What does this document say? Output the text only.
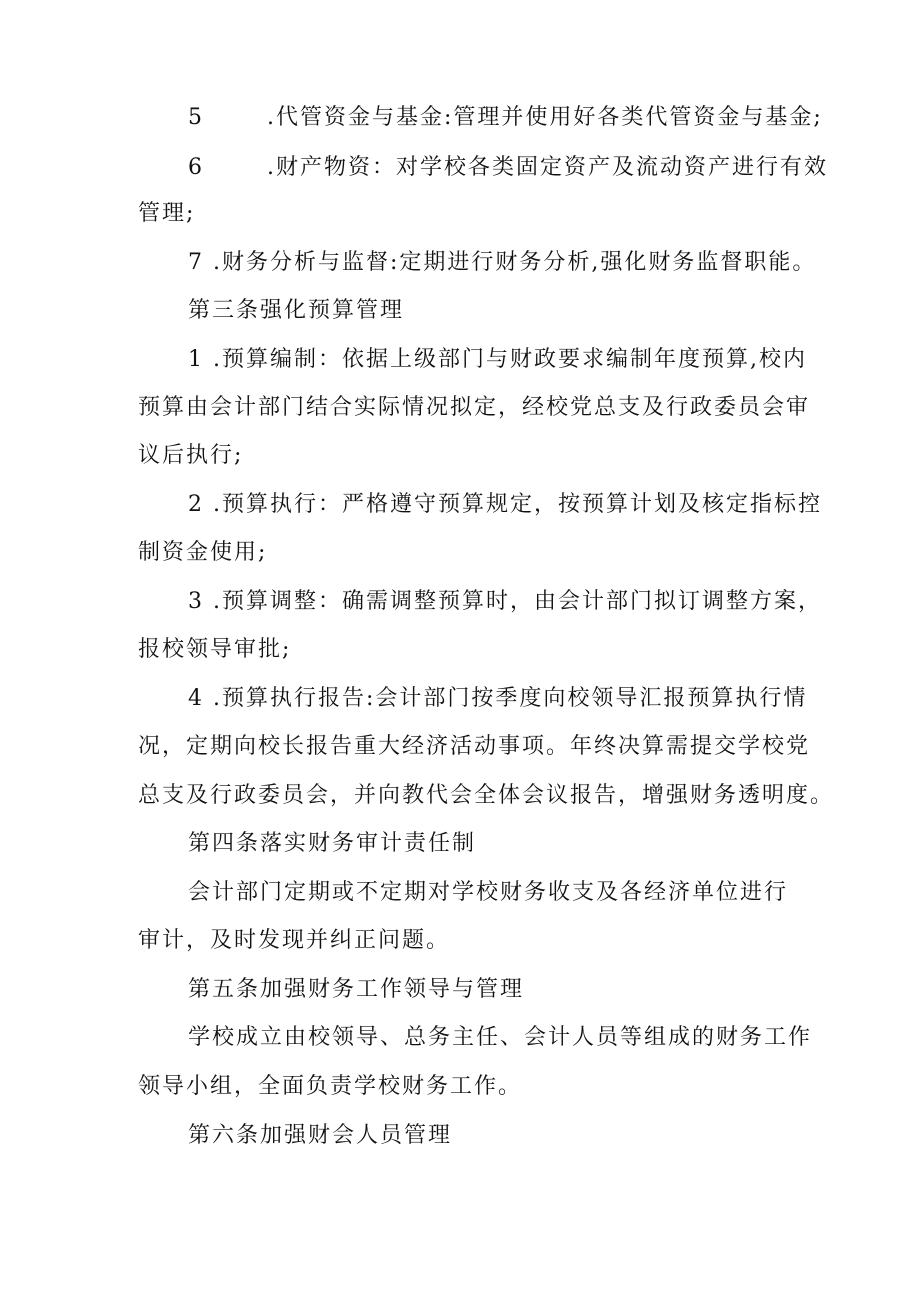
5       .代管资金与基金:管理并使用好各类代管资金与基金;
6       .财产物资：对学校各类固定资产及流动资产进行有效
管理;
7 .财务分析与监督:定期进行财务分析,强化财务监督职能。
第三条强化预算管理
1 .预算编制：依据上级部门与财政要求编制年度预算,校内
预算由会计部门结合实际情况拟定，经校党总支及行政委员会审
议后执行;
2 .预算执行：严格遵守预算规定，按预算计划及核定指标控
制资金使用;
3 .预算调整：确需调整预算时，由会计部门拟订调整方案，
报校领导审批;
4 .预算执行报告:会计部门按季度向校领导汇报预算执行情
况，定期向校长报告重大经济活动事项。年终决算需提交学校党
总支及行政委员会，并向教代会全体会议报告，增强财务透明度。
第四条落实财务审计责任制
会计部门定期或不定期对学校财务收支及各经济单位进行
审计，及时发现并纠正问题。
第五条加强财务工作领导与管理
学校成立由校领导、总务主任、会计人员等组成的财务工作
领导小组，全面负责学校财务工作。
第六条加强财会人员管理
